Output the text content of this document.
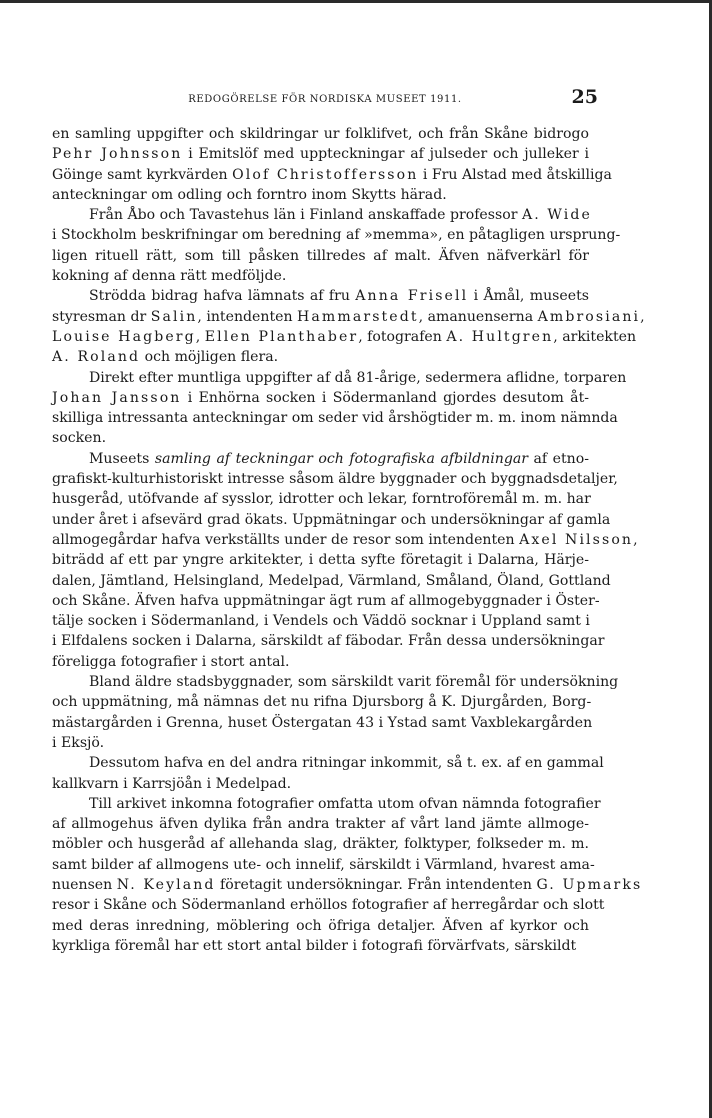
REDOGÖRELSE FÖR NORDISKA MUSEET 1911.	25
en samling uppgifter och skildringar ur folklifvet, och från Skåne bidrogo
Pehr Johnsson i Emitslöf med uppteckningar af julseder och julleker i
Göinge samt kyrkvärden Olof Christoffersson i Fru Alstad med åtskilliga
anteckningar om odling och forntro inom Skytts härad.
Från Åbo och Tavastehus län i Finland anskaffade professor A. Wide
i Stockholm beskrifningar om beredning af »memma», en påtagligen ursprung-
ligen rituell rätt, som till påsken tillredes af malt. Äfven näfverkärl för
kokning af denna rätt medföljde.
Strödda bidrag hafva lämnats af fru Anna Frisell i Åmål, museets
styresman dr Salin, intendenten Hammarstedt, amanuenserna Ambrosiani,
Louise Hagberg, Ellen Planthaber, fotografen A. Hultgren, arkitekten
A. Roland och möjligen flera.
Direkt efter muntliga uppgifter af då 81-årige, sedermera aflidne, torparen
Johan Jansson i Enhörna socken i Södermanland gjordes desutom åt-
skilliga intressanta anteckningar om seder vid årshögtider m. m. inom nämnda
socken.
Museets samling af teckningar och fotografiska afbildningar af etno-
grafiskt-kulturhistoriskt intresse såsom äldre byggnader och byggnadsdetaljer,
husgeråd, utöfvande af sysslor, idrotter och lekar, forntroföremål m. m. har
under året i afsevärd grad ökats. Uppmätningar och undersökningar af gamla
allmogegårdar hafva verkställts under de resor som intendenten Axel Nilsson,
biträdd af ett par yngre arkitekter, i detta syfte företagit i Dalarna, Härje-
dalen, Jämtland, Helsingland, Medelpad, Värmland, Småland, Öland, Gottland
och Skåne. Äfven hafva uppmätningar ägt rum af allmogebyggnader i Öster-
tälje socken i Södermanland, i Vendels och Väddö socknar i Uppland samt i
i Elfdalens socken i Dalarna, särskildt af fäbodar. Från dessa undersökningar
föreligga fotografier i stort antal.
Bland äldre stadsbyggnader, som särskildt varit föremål för undersökning
och uppmätning, må nämnas det nu rifna Djursborg å K. Djurgården, Borg-
mästargården i Grenna, huset Östergatan 43 i Ystad samt Vaxblekargården
i Eksjö.
Dessutom hafva en del andra ritningar inkommit, så t. ex. af en gammal
kallkvarn i Karrsjöån i Medelpad.
Till arkivet inkomna fotografier omfatta utom ofvan nämnda fotografier
af allmogehus äfven dylika från andra trakter af vårt land jämte allmoge-
möbler och husgeråd af allehanda slag, dräkter, folktyper, folkseder m. m.
samt bilder af allmogens ute- och innelif, särskildt i Värmland, hvarest ama-
nuensen N. Keyland företagit undersökningar. Från intendenten G. Upmarks
resor i Skåne och Södermanland erhöllos fotografier af herregårdar och slott
med deras inredning, möblering och öfriga detaljer. Äfven af kyrkor och
kyrkliga föremål har ett stort antal bilder i fotografi förvärfvats, särskildt
